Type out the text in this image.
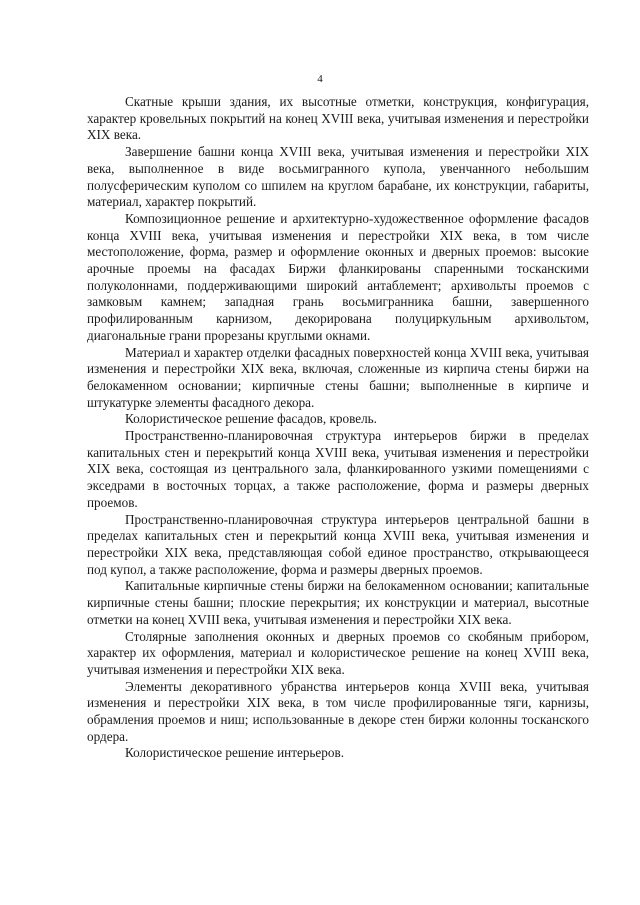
4

Скатные крыши здания, их высотные отметки, конструкция, конфигурация, характер кровельных покрытий на конец XVIII века, учитывая изменения и перестройки XIX века.

Завершение башни конца XVIII века, учитывая изменения и перестройки XIX века, выполненное в виде восьмигранного купола, увенчанного небольшим полусферическим куполом со шпилем на круглом барабане, их конструкции, габариты, материал, характер покрытий.

Композиционное решение и архитектурно-художественное оформление фасадов конца XVIII века, учитывая изменения и перестройки XIX века, в том числе местоположение, форма, размер и оформление оконных и дверных проемов: высокие арочные проемы на фасадах Биржи фланкированы спаренными тосканскими полуколоннами, поддерживающими широкий антаблемент; архивольты проемов с замковым камнем; западная грань восьмигранника башни, завершенного профилированным карнизом, декорирована полуциркульным архивольтом, диагональные грани прорезаны круглыми окнами.

Материал и характер отделки фасадных поверхностей конца XVIII века, учитывая изменения и перестройки XIX века, включая, сложенные из кирпича стены биржи на белокаменном основании; кирпичные стены башни; выполненные в кирпиче и штукатурке элементы фасадного декора.

Колористическое решение фасадов, кровель.

Пространственно-планировочная структура интерьеров биржи в пределах капитальных стен и перекрытий конца XVIII века, учитывая изменения и перестройки XIX века, состоящая из центрального зала, фланкированного узкими помещениями с экседрами в восточных торцах, а также расположение, форма и размеры дверных проемов.

Пространственно-планировочная структура интерьеров центральной башни в пределах капитальных стен и перекрытий конца XVIII века, учитывая изменения и перестройки XIX века, представляющая собой единое пространство, открывающееся под купол, а также расположение, форма и размеры дверных проемов.

Капитальные кирпичные стены биржи на белокаменном основании; капитальные кирпичные стены башни; плоские перекрытия; их конструкции и материал, высотные отметки на конец XVIII века, учитывая изменения и перестройки XIX века.

Столярные заполнения оконных и дверных проемов со скобяным прибором, характер их оформления, материал и колористическое решение на конец XVIII века, учитывая изменения и перестройки XIX века.

Элементы декоративного убранства интерьеров конца XVIII века, учитывая изменения и перестройки XIX века, в том числе профилированные тяги, карнизы, обрамления проемов и ниш; использованные в декоре стен биржи колонны тосканского ордера.

Колористическое решение интерьеров.
